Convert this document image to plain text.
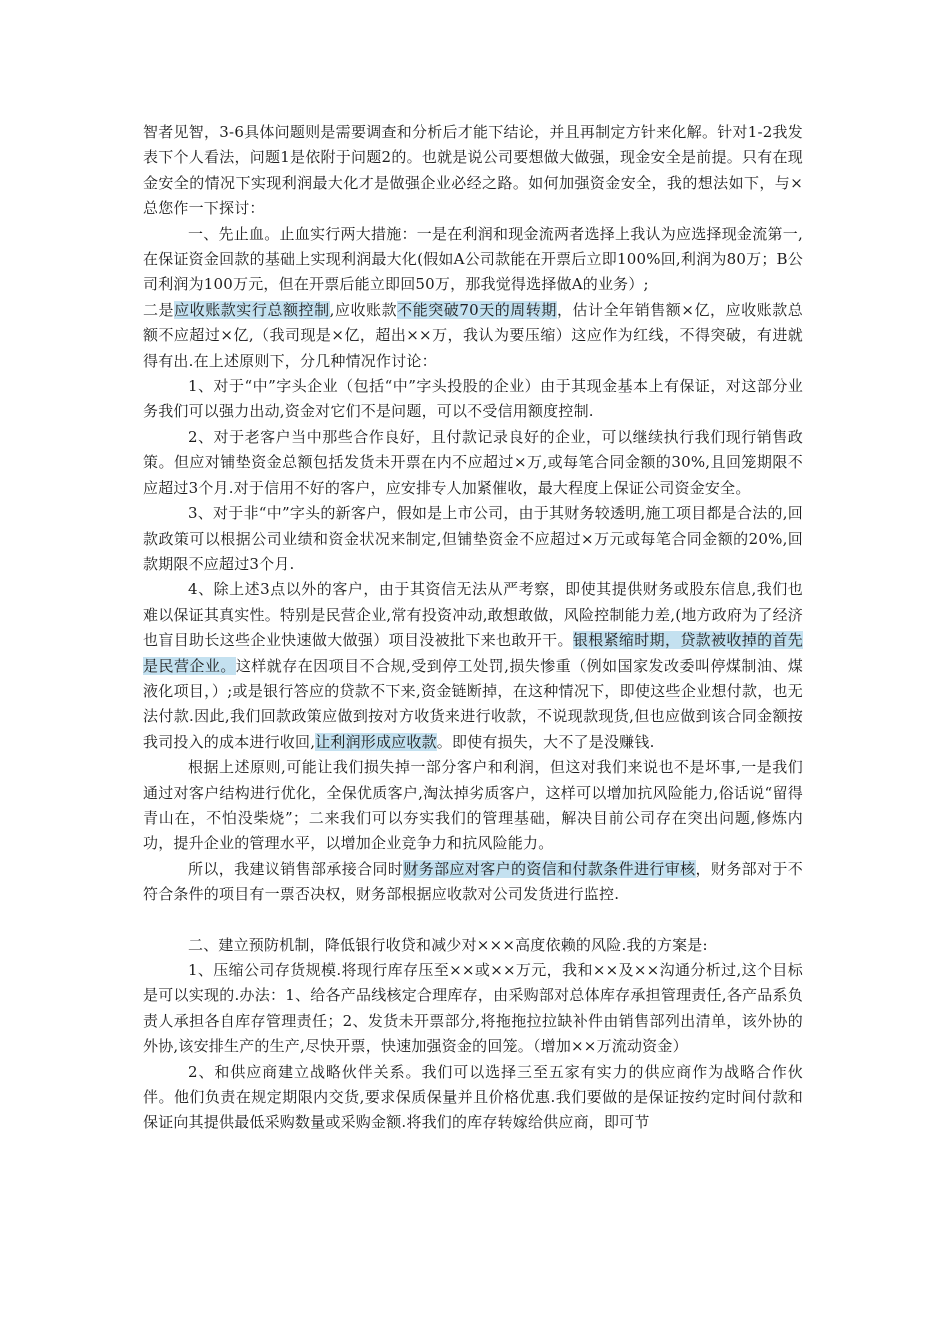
智者见智，3-6具体问题则是需要调查和分析后才能下结论，并且再制定方针来化解。针对1-2我发表下个人看法，问题1是依附于问题2的。也就是说公司要想做大做强，现金安全是前提。只有在现金安全的情况下实现利润最大化才是做强企业必经之路。如何加强资金安全，我的想法如下，与×总您作一下探讨：

一、先止血。止血实行两大措施：一是在利润和现金流两者选择上我认为应选择现金流第一,在保证资金回款的基础上实现利润最大化(假如A公司款能在开票后立即100%回,利润为80万；B公司利润为100万元，但在开票后能立即回50万，那我觉得选择做A的业务）;

二是应收账款实行总额控制,应收账款不能突破70天的周转期，估计全年销售额×亿，应收账款总额不应超过×亿,（我司现是×亿，超出××万，我认为要压缩）这应作为红线，不得突破，有进就得有出.在上述原则下，分几种情况作讨论：

1、对于“中”字头企业（包括“中”字头投股的企业）由于其现金基本上有保证，对这部分业务我们可以强力出动,资金对它们不是问题，可以不受信用额度控制.

2、对于老客户当中那些合作良好，且付款记录良好的企业，可以继续执行我们现行销售政策。但应对铺垫资金总额包括发货未开票在内不应超过×万,或每笔合同金额的30%,且回笼期限不应超过3个月.对于信用不好的客户，应安排专人加紧催收，最大程度上保证公司资金安全。

3、对于非“中”字头的新客户，假如是上市公司，由于其财务较透明,施工项目都是合法的,回款政策可以根据公司业绩和资金状况来制定,但铺垫资金不应超过×万元或每笔合同金额的20%,回款期限不应超过3个月.

4、除上述3点以外的客户，由于其资信无法从严考察，即使其提供财务或股东信息,我们也难以保证其真实性。特别是民营企业,常有投资冲动,敢想敢做，风险控制能力差,(地方政府为了经济也盲目助长这些企业快速做大做强）项目没被批下来也敢开干。银根紧缩时期，贷款被收掉的首先是民营企业。这样就存在因项目不合规,受到停工处罚,损失惨重（例如国家发改委叫停煤制油、煤液化项目，）;或是银行答应的贷款不下来,资金链断掉，在这种情况下，即使这些企业想付款，也无法付款.因此,我们回款政策应做到按对方收货来进行收款，不说现款现货,但也应做到该合同金额按我司投入的成本进行收回,让利润形成应收款。即使有损失，大不了是没赚钱.

根据上述原则,可能让我们损失掉一部分客户和利润，但这对我们来说也不是坏事,一是我们通过对客户结构进行优化，全保优质客户,淘汰掉劣质客户，这样可以增加抗风险能力,俗话说“留得青山在，不怕没柴烧”；二来我们可以夯实我们的管理基础，解决目前公司存在突出问题,修炼内功，提升企业的管理水平，以增加企业竞争力和抗风险能力。

所以，我建议销售部承接合同时财务部应对客户的资信和付款条件进行审核，财务部对于不符合条件的项目有一票否决权，财务部根据应收款对公司发货进行监控.

二、建立预防机制，降低银行收贷和减少对×××高度依赖的风险.我的方案是:

1、压缩公司存货规模.将现行库存压至××或××万元，我和××及××沟通分析过,这个目标是可以实现的.办法：1、给各产品线核定合理库存，由采购部对总体库存承担管理责任,各产品系负责人承担各自库存管理责任；2、发货未开票部分,将拖拖拉拉缺补件由销售部列出清单，该外协的外协,该安排生产的生产,尽快开票，快速加强资金的回笼。（增加××万流动资金）

2、和供应商建立战略伙伴关系。我们可以选择三至五家有实力的供应商作为战略合作伙伴。他们负责在规定期限内交货,要求保质保量并且价格优惠.我们要做的是保证按约定时间付款和保证向其提供最低采购数量或采购金额.将我们的库存转嫁给供应商，即可节
